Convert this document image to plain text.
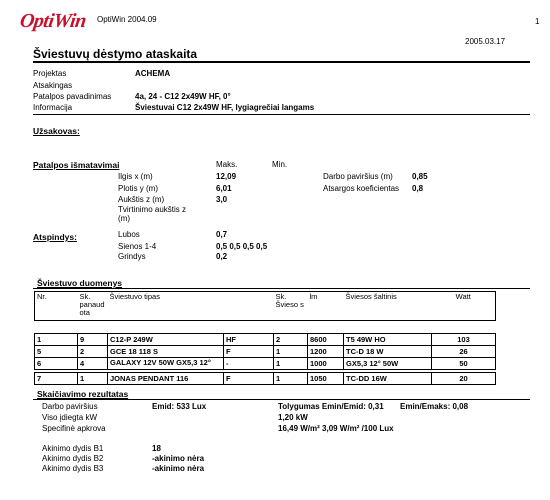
OptiWin OptiWin 2004.09	1
2005.03.17
Šviestuvų dėstymo ataskaita
Projektas	ACHEMA
Atsakingas
Patalpos pavadinimas	4a, 24 - C12 2x49W HF, 0°
Informacija	Šviestuvai C12 2x49W HF, lygiagrečiai langams
Užsakovas:
Patalpos išmatavimai	Maks.	Min.
Ilgis x (m)	12,09	Darbo paviršius (m) 0,85
Plotis y (m)	6,01	Atsargos koeficientas 0,8
Aukštis z (m)	3,0
Tvirtinimo aukštis z
(m)
Atspindys:	Lubos	0,7
Sienos 1-4	0,5 0,5 0,5 0,5
Grindys	0,2
Šviestuvo duomenys
Nr.	Sk. panaud ota	Šviestuvo tipas		Sk. Švieso s	lm	Šviesos šaltinis	Watt

1	9	C12-P 249W	HF	2	8600	T5 49W HO	103
5	2	GCE 18 118 S	F	1	1200	TC-D 18 W	26
6	4	GALAXY 12V 50W GX5,3 12°	-	1	1000	GX5,3 12° 50W	50

7	1	JONAS PENDANT 116	F	1	1050	TC-DD 16W	20
Skaičiavimo rezultatas
Darbo paviršius	Emid: 533 Lux	Tolygumas Emin/Emid: 0,31 Emin/Emaks: 0,08
Viso įdiegta kW	1,20 kW
Specifinė apkrova	16,49 W/m² 3,09 W/m² /100 Lux
Akinimo dydis B1	18
Akinimo dydis B2	-akinimo nėra
Akinimo dydis B3	-akinimo nėra
